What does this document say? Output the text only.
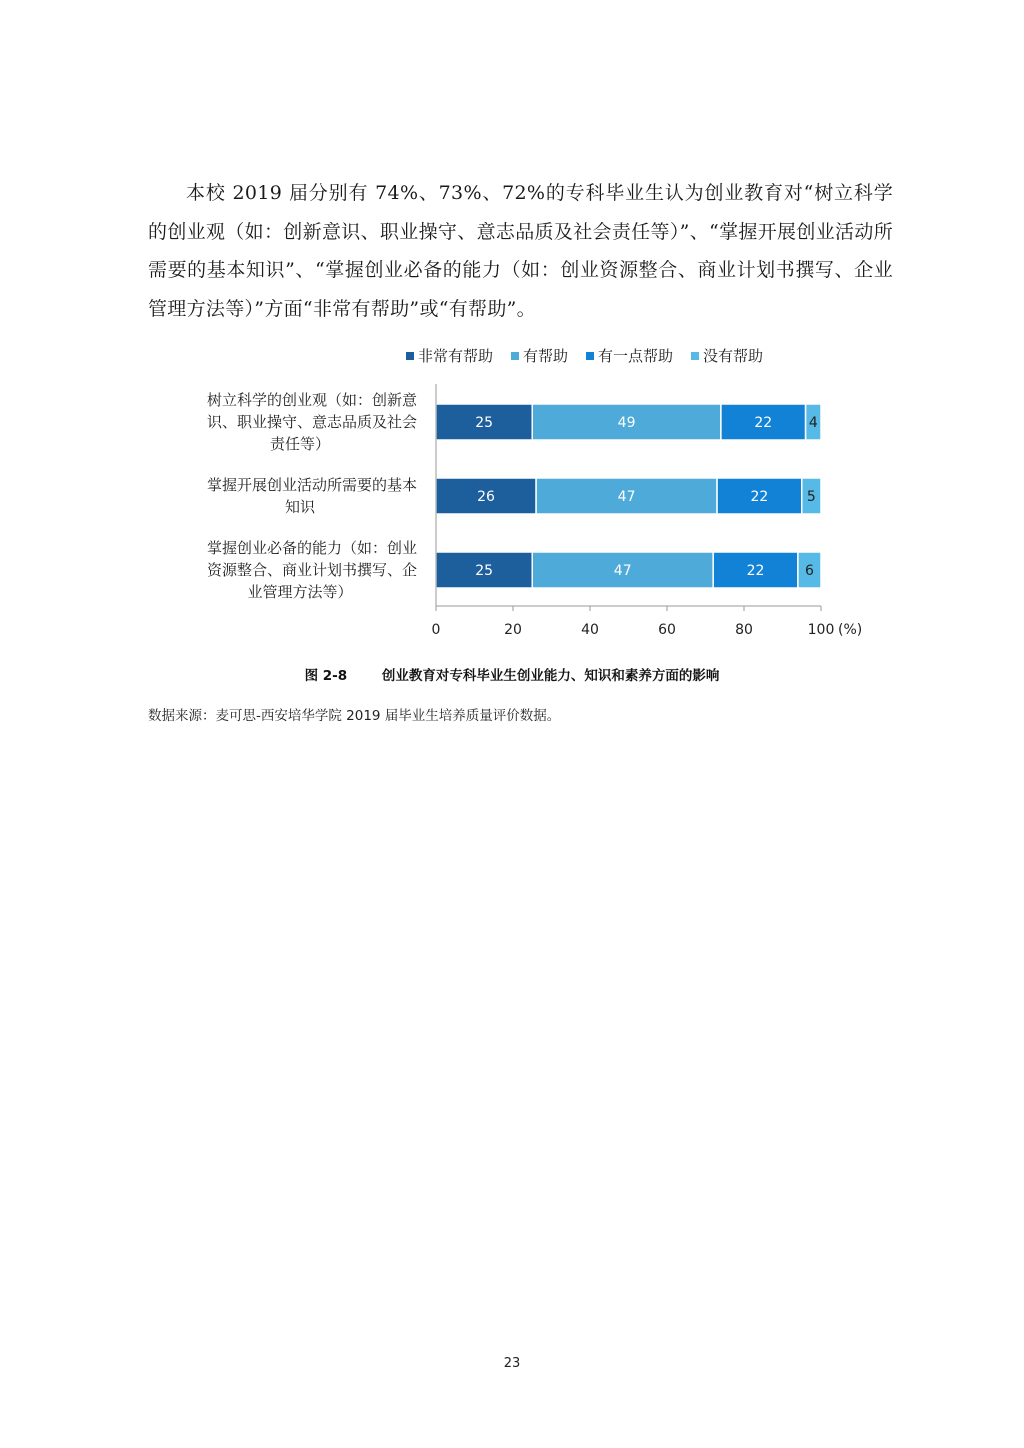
本校 2019 届分别有 74%、73%、72%的专科毕业生认为创业教育对“树立科学的创业观（如：创新意识、职业操守、意志品质及社会责任等）”、“掌握开展创业活动所需要的基本知识”、“掌握创业必备的能力（如：创业资源整合、商业计划书撰写、企业管理方法等）”方面“非常有帮助”或“有帮助”。

非常有帮助 有帮助 有一点帮助 没有帮助
25	49	22	4
树立科学的创业观（如：创新意
识、职业操守、意志品质及社会
责任等）
26	47	22	5
掌握开展创业活动所需要的基本
知识
25	47	22	6
掌握创业必备的能力（如：创业
资源整合、商业计划书撰写、企
业管理方法等）
0	20	40	60	80	100 (%)
图 2-8	创业教育对专科毕业生创业能力、知识和素养方面的影响
数据来源：麦可思-西安培华学院 2019 届毕业生培养质量评价数据。
23
